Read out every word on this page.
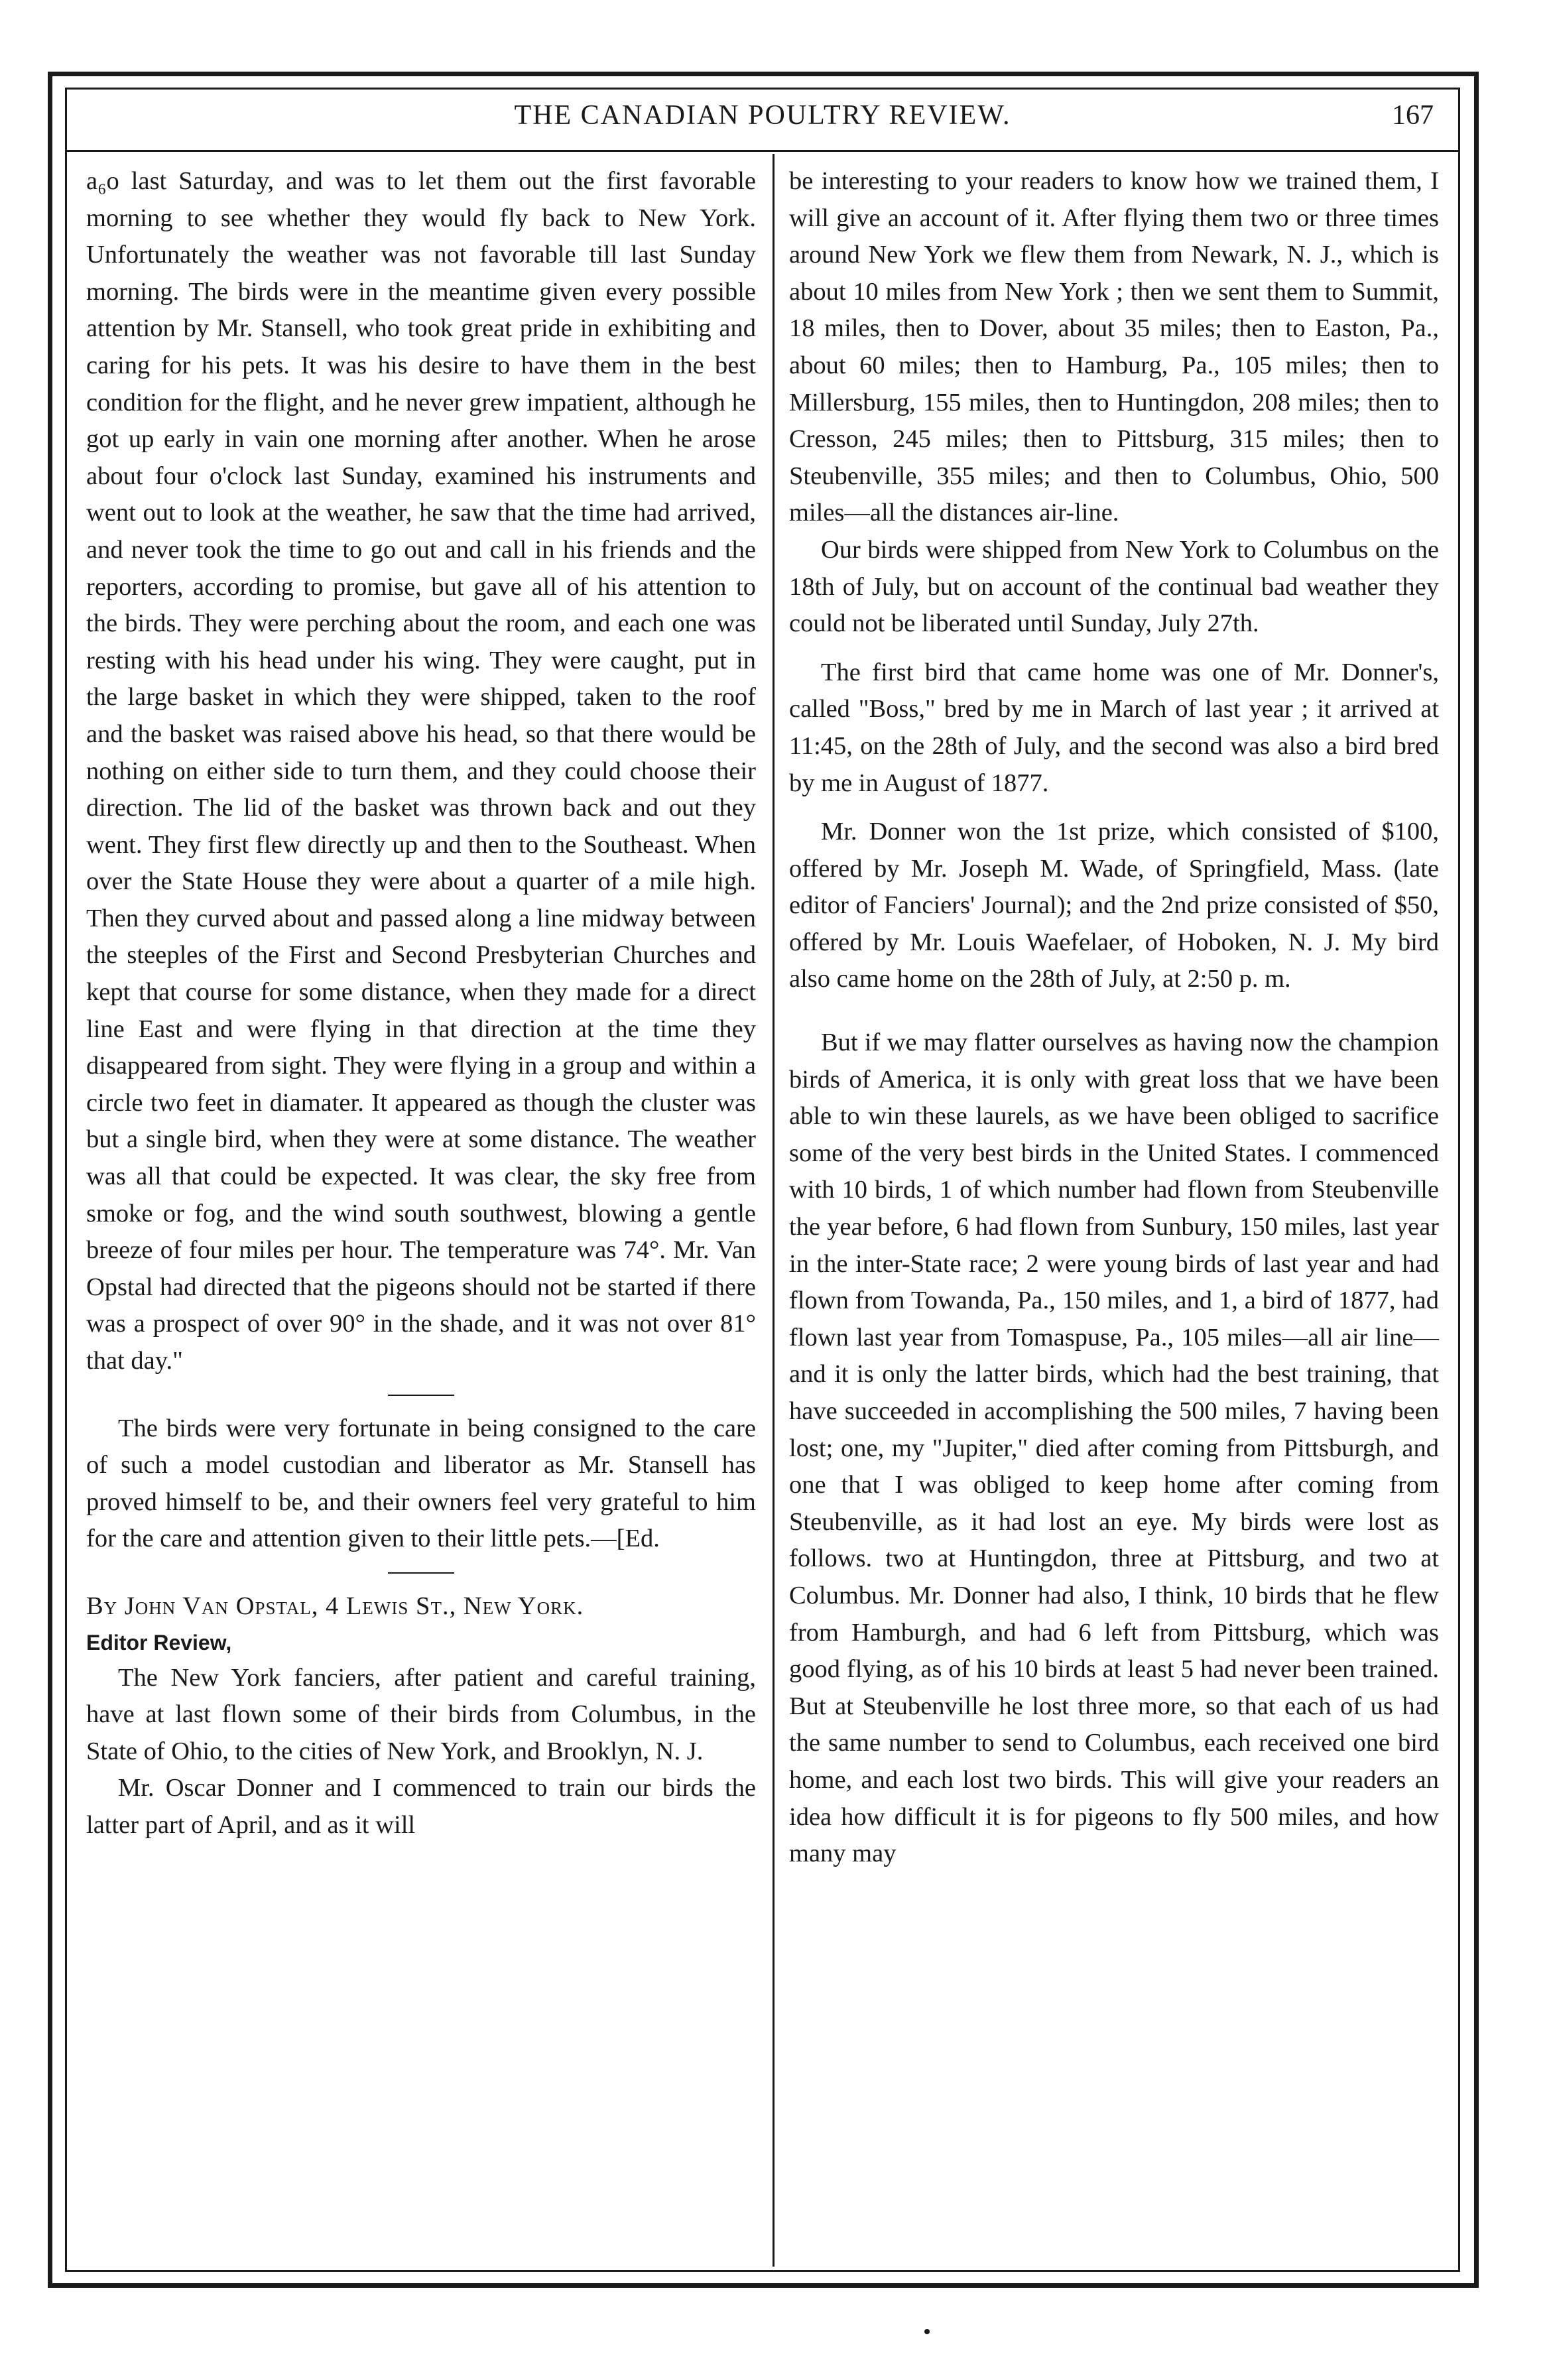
THE CANADIAN POULTRY REVIEW.	167

a₆o last Saturday, and was to let them out the first favorable morning to see whether they would fly back to New York. Unfortunately the weather was not favorable till last Sunday morning. The birds were in the meantime given every possible attention by Mr. Stansell, who took great pride in exhibiting and caring for his pets. It was his desire to have them in the best condition for the flight, and he never grew impatient, although he got up early in vain one morning after another. When he arose about four o'clock last Sunday, examined his instruments and went out to look at the weather, he saw that the time had arrived, and never took the time to go out and call in his friends and the reporters, according to promise, but gave all of his attention to the birds. They were perching about the room, and each one was resting with his head under his wing. They were caught, put in the large basket in which they were shipped, taken to the roof and the basket was raised above his head, so that there would be nothing on either side to turn them, and they could choose their direction. The lid of the basket was thrown back and out they went. They first flew directly up and then to the Southeast. When over the State House they were about a quarter of a mile high. Then they curved about and passed along a line midway between the steeples of the First and Second Presbyterian Churches and kept that course for some distance, when they made for a direct line East and were flying in that direction at the time they disappeared from sight. They were flying in a group and within a circle two feet in diamater. It appeared as though the cluster was but a single bird, when they were at some distance. The weather was all that could be expected. It was clear, the sky free from smoke or fog, and the wind south southwest, blowing a gentle breeze of four miles per hour. The temperature was 74°. Mr. Van Opstal had directed that the pigeons should not be started if there was a prospect of over 90° in the shade, and it was not over 81° that day."

The birds were very fortunate in being consigned to the care of such a model custodian and liberator as Mr. Stansell has proved himself to be, and their owners feel very grateful to him for the care and attention given to their little pets.—[Ed.

By John Van Opstal, 4 Lewis St., New York.

Editor Review,

The New York fanciers, after patient and careful training, have at last flown some of their birds from Columbus, in the State of Ohio, to the cities of New York, and Brooklyn, N. J.

Mr. Oscar Donner and I commenced to train our birds the latter part of April, and as it will

be interesting to your readers to know how we trained them, I will give an account of it. After flying them two or three times around New York we flew them from Newark, N. J., which is about 10 miles from New York ; then we sent them to Summit, 18 miles, then to Dover, about 35 miles; then to Easton, Pa., about 60 miles; then to Hamburg, Pa., 105 miles; then to Millersburg, 155 miles, then to Huntingdon, 208 miles; then to Cresson, 245 miles; then to Pittsburg, 315 miles; then to Steubenville, 355 miles; and then to Columbus, Ohio, 500 miles—all the distances air-line.

Our birds were shipped from New York to Columbus on the 18th of July, but on account of the continual bad weather they could not be liberated until Sunday, July 27th.

The first bird that came home was one of Mr. Donner's, called "Boss," bred by me in March of last year ; it arrived at 11:45, on the 28th of July, and the second was also a bird bred by me in August of 1877.

Mr. Donner won the 1st prize, which consisted of $100, offered by Mr. Joseph M. Wade, of Springfield, Mass. (late editor of Fanciers' Journal); and the 2nd prize consisted of $50, offered by Mr. Louis Waefelaer, of Hoboken, N. J. My bird also came home on the 28th of July, at 2:50 p. m.

But if we may flatter ourselves as having now the champion birds of America, it is only with great loss that we have been able to win these laurels, as we have been obliged to sacrifice some of the very best birds in the United States. I commenced with 10 birds, 1 of which number had flown from Steubenville the year before, 6 had flown from Sunbury, 150 miles, last year in the inter-State race; 2 were young birds of last year and had flown from Towanda, Pa., 150 miles, and 1, a bird of 1877, had flown last year from Tomaspuse, Pa., 105 miles—all air line—and it is only the latter birds, which had the best training, that have succeeded in accomplishing the 500 miles, 7 having been lost; one, my "Jupiter," died after coming from Pittsburgh, and one that I was obliged to keep home after coming from Steubenville, as it had lost an eye. My birds were lost as follows. two at Huntingdon, three at Pittsburg, and two at Columbus. Mr. Donner had also, I think, 10 birds that he flew from Hamburgh, and had 6 left from Pittsburg, which was good flying, as of his 10 birds at least 5 had never been trained. But at Steubenville he lost three more, so that each of us had the same number to send to Columbus, each received one bird home, and each lost two birds. This will give your readers an idea how difficult it is for pigeons to fly 500 miles, and how many may
